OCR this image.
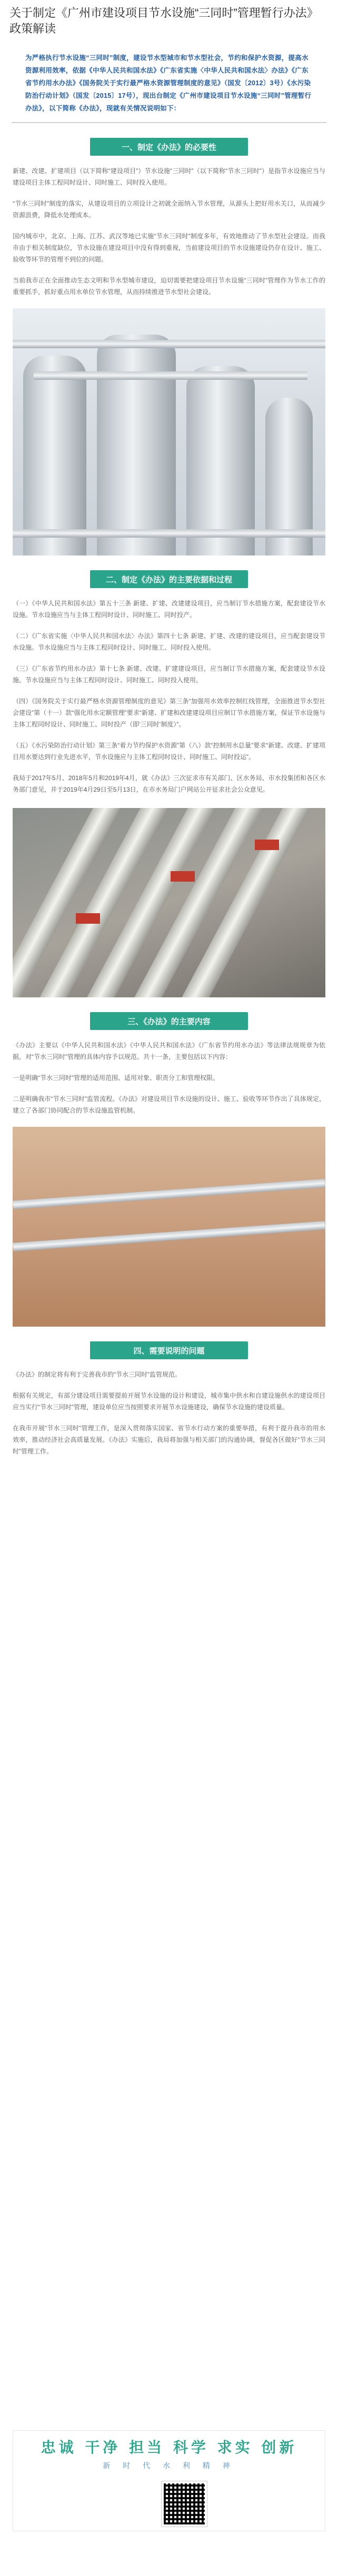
关于制定《广州市建设项目节水设施“三同时”管理暂行办法》政策解读
为严格执行节水设施“三同时”制度，建设节水型城市和节水型社会，节约和保护水资源，提高水资源利用效率，依据《中华人民共和国水法》《广东省实施〈中华人民共和国水法〉办法》《广东省节约用水办法》《国务院关于实行最严格水资源管理制度的意见》（国发〔2012〕3号）《水污染防治行动计划》（国发〔2015〕17号），现出台制定《广州市建设项目节水设施“三同时”管理暂行办法》，以下简称《办法》，现就有关情况说明如下：
一、制定《办法》的必要性
新建、改建、扩建项目（以下简称“建设项目”）节水设施“三同时”（以下简称“节水三同时”）是指节水设施应当与建设项目主体工程同时设计、同时施工、同时投入使用。
“节水三同时”制度的落实，从建设项目的立项设计之初就全面纳入节水管理，从源头上把好用水关口，从而减少资源浪费，降低水处理成本。
国内城市中，北京、上海、江苏、武汉等地已实施“节水三同时”制度多年，有效地推动了节水型社会建设。而我市由于相关制度缺位，节水设施在建设项目中没有得到重视，当前建设项目的节水设施建设仍存在设计、施工、验收等环节的管理不到位的问题。
当前我市正在全面推动生态文明和节水型城市建设，迫切需要把建设项目节水设施“三同时”管理作为节水工作的重要抓手，抓好重点用水单位节水管理，从而持续推进节水型社会建设。
二、制定《办法》的主要依据和过程
（一）《中华人民共和国水法》第五十三条 新建、扩建、改建建设项目，应当制订节水措施方案，配套建设节水设施。节水设施应当与主体工程同时设计、同时施工、同时投产。
（二）《广东省实施〈中华人民共和国水法〉办法》第四十七条 新建、扩建、改建的建设项目，应当配套建设节水设施。节水设施应当与主体工程同时设计、同时施工、同时投入使用。
（三）《广东省节约用水办法》第十七条 新建、改建、扩建建设项目，应当制订节水措施方案，配套建设节水设施。节水设施应当与主体工程同时设计、同时施工、同时投入使用。
（四）《国务院关于实行最严格水资源管理制度的意见》第三条“加强用水效率控制红线管理，全面推进节水型社会建设”第（十一）款“强化用水定额管理”要求“新建、扩建和改建建设项目应制订节水措施方案，保证节水设施与主体工程同时设计、同时施工、同时投产（即‘三同时’制度）”。
（五）《水污染防治行动计划》第三条“着力节约保护水资源”第（八）款“控制用水总量”要求“新建、改建、扩建项目用水要达到行业先进水平，节水设施应与主体工程同时设计、同时施工、同时投运”。
我局于2017年5月、2018年5月和2019年4月，就《办法》三次征求市有关部门、区水务局、市水投集团和各区水务部门意见，并于2019年4月29日至5月13日，在市水务局门户网站公开征求社会公众意见。
三、《办法》的主要内容
《办法》主要以《中华人民共和国水法》《中华人民共和国水法》《广东省节约用水办法》等法律法规规章为依据，对“节水三同时”管理的具体内容予以规范。共十一条，主要包括以下内容：
一是明确“节水三同时”管理的适用范围、适用对象、职责分工和管理权限。
二是明确我市“节水三同时”监管流程。《办法》对建设项目节水设施的设计、施工、验收等环节作出了具体规定，建立了各部门协同配合的节水设施监管机制。
四、需要说明的问题
《办法》的制定将有利于完善我市的“节水三同时”监管规范。
根据有关规定，有部分建设项目需要提前开展节水设施的设计和建设，城市集中供水和自建设施供水的建设项目应当实行“节水三同时”管理，建设单位应当按照要求开展节水设施建设，确保节水设施的建设质量。
在我市开展“节水三同时”管理工作，是深入贯彻落实国家、省节水行动方案的重要举措，有利于提升我市的用水效率，推动经济社会高质量发展。《办法》实施后，我局将加强与相关部门的沟通协调，督促各区做好“节水三同时”管理工作。
忠诚 干净 担当 科学 求实 创新
新 时 代 水 利 精 神
